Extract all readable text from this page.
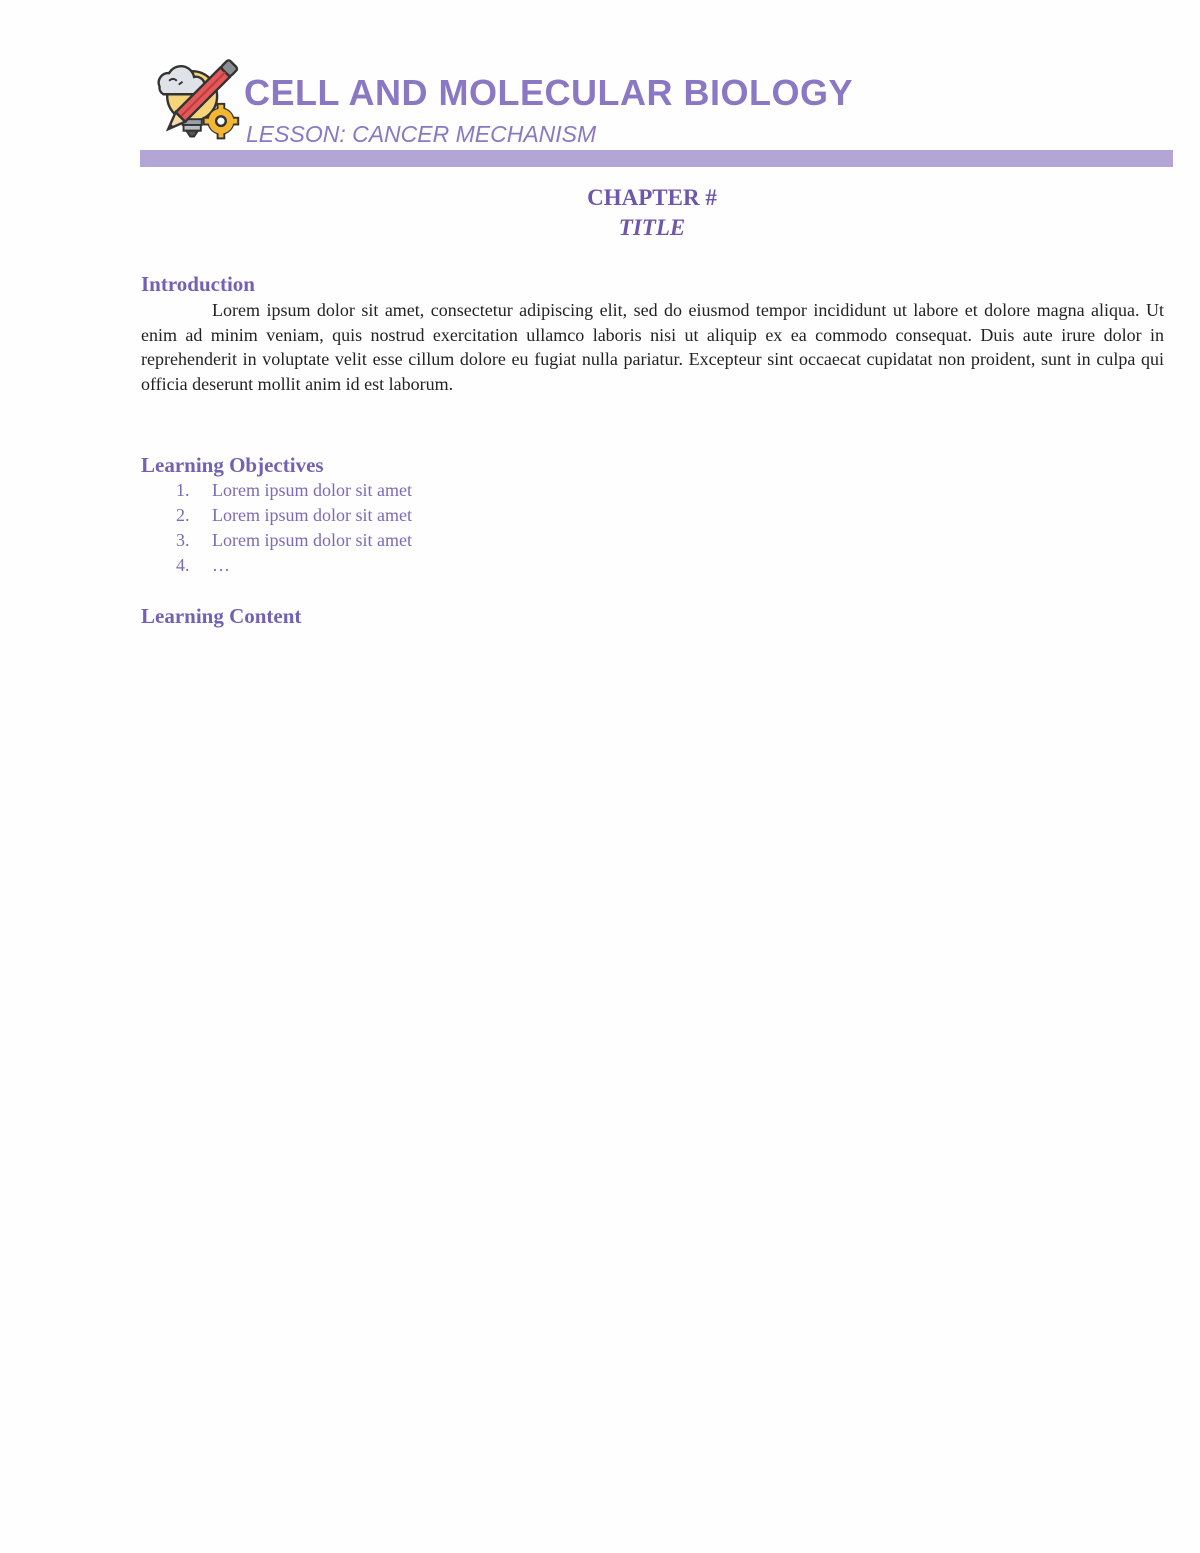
CELL AND MOLECULAR BIOLOGY
LESSON: CANCER MECHANISM
CHAPTER #
TITLE
Introduction
Lorem ipsum dolor sit amet, consectetur adipiscing elit, sed do eiusmod tempor incididunt ut labore et dolore magna aliqua. Ut enim ad minim veniam, quis nostrud exercitation ullamco laboris nisi ut aliquip ex ea commodo consequat. Duis aute irure dolor in reprehenderit in voluptate velit esse cillum dolore eu fugiat nulla pariatur. Excepteur sint occaecat cupidatat non proident, sunt in culpa qui officia deserunt mollit anim id est laborum.
Learning Objectives
1. Lorem ipsum dolor sit amet
2. Lorem ipsum dolor sit amet
3. Lorem ipsum dolor sit amet
4. …
Learning Content
